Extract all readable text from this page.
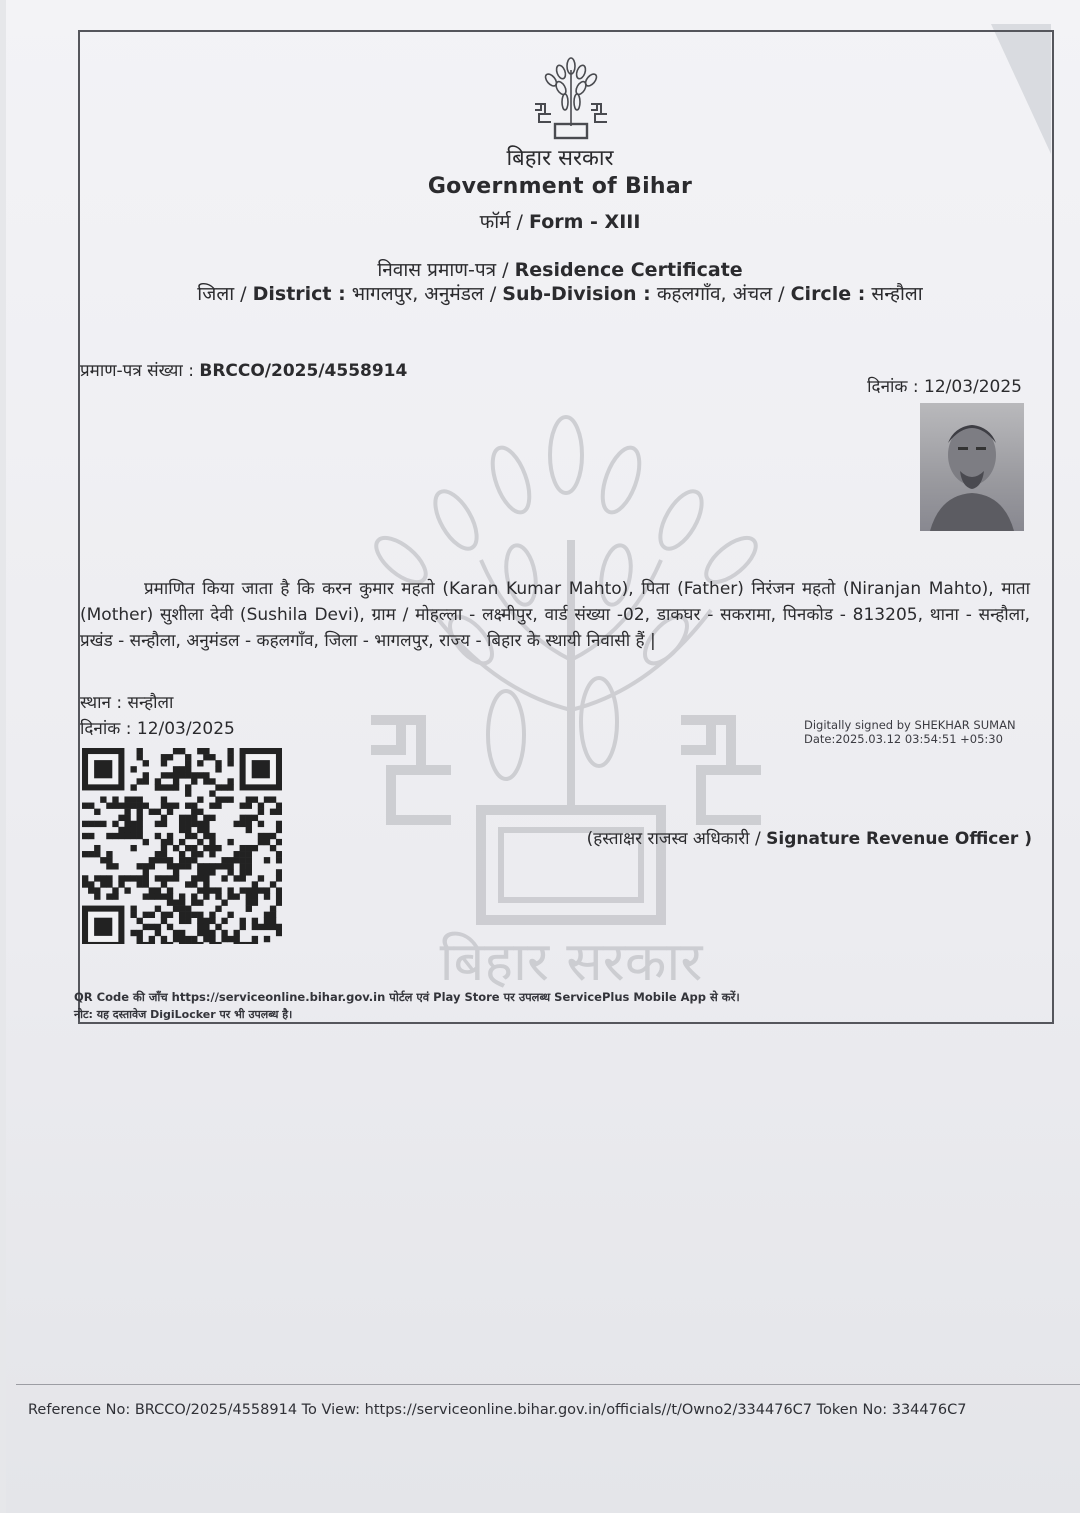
बिहार सरकार
बिहार सरकार
Government of Bihar
फॉर्म / Form - XIII
निवास प्रमाण-पत्र / Residence Certificate
जिला / District : भागलपुर, अनुमंडल / Sub-Division : कहलगाँव, अंचल / Circle : सन्हौला
प्रमाण-पत्र संख्या : BRCCO/2025/4558914
दिनांक : 12/03/2025
प्रमाणित किया जाता है कि करन कुमार महतो (Karan Kumar Mahto), पिता (Father) निरंजन महतो (Niranjan Mahto), माता (Mother) सुशीला देवी (Sushila Devi), ग्राम / मोहल्ला - लक्ष्मीपुर, वार्ड संख्या -02, डाकघर - सकरामा, पिनकोड - 813205, थाना - सन्हौला, प्रखंड - सन्हौला, अनुमंडल - कहलगाँव, जिला - भागलपुर, राज्य - बिहार के स्थायी निवासी हैं |
स्थान : सन्हौला
दिनांक : 12/03/2025	Digitally signed by SHEKHAR SUMAN
Date:2025.03.12 03:54:51 +05:30
(हस्ताक्षर राजस्व अधिकारी / Signature Revenue Officer )
QR Code की जाँच https://serviceonline.bihar.gov.in पोर्टल एवं Play Store पर उपलब्ध ServicePlus Mobile App से करें।
नोट: यह दस्तावेज DigiLocker पर भी उपलब्ध है।
Reference No: BRCCO/2025/4558914 To View: https://serviceonline.bihar.gov.in/officials//t/Owno2/334476C7 Token No: 334476C7
